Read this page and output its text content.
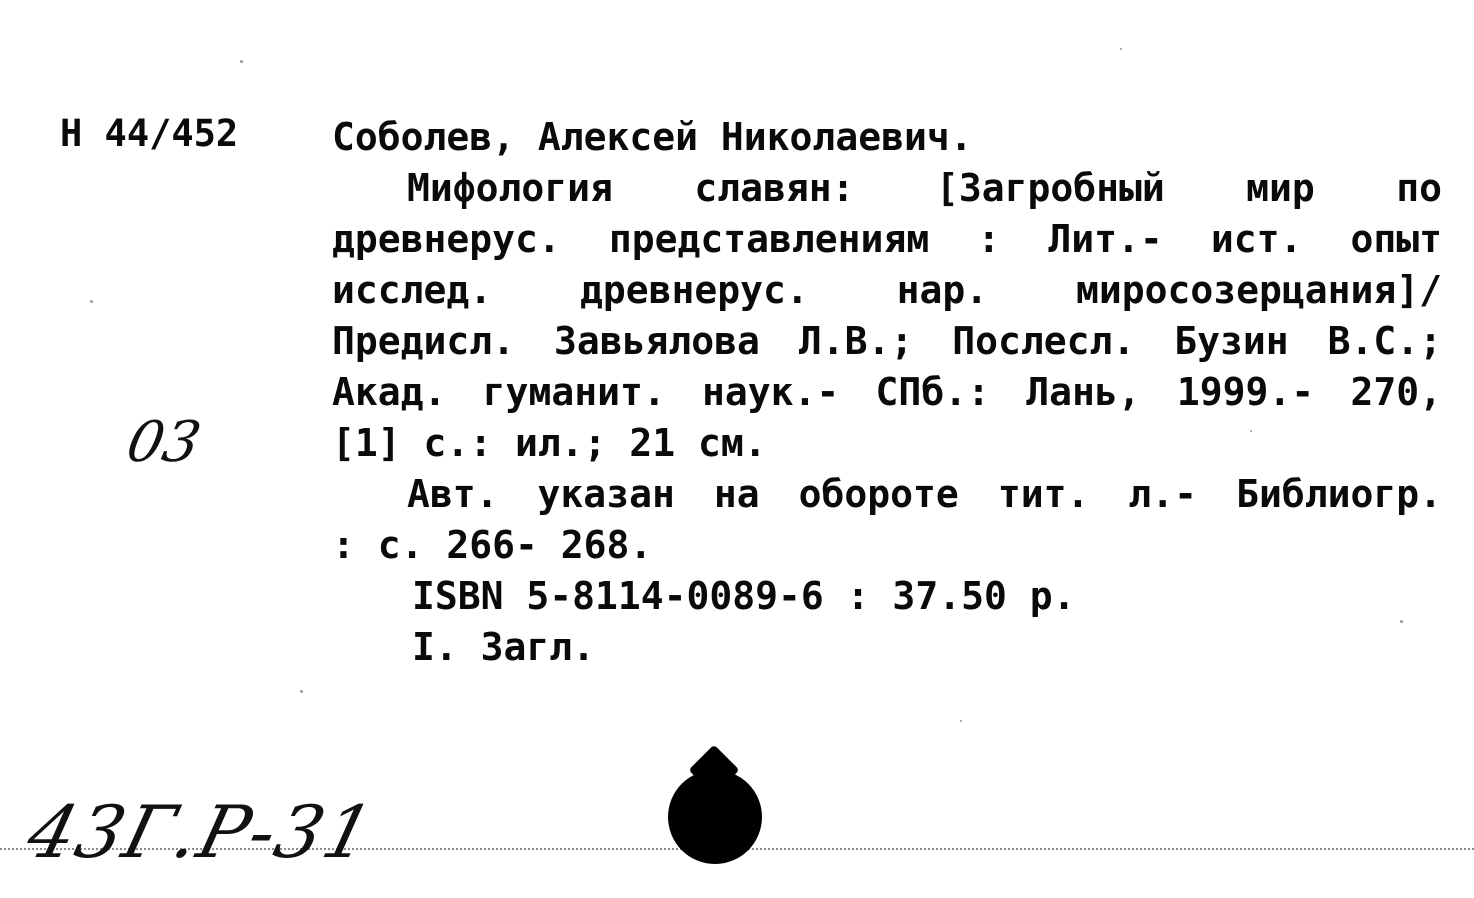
Н 44/452
03
Соболев, Алексей Николаевич.
Мифология славян: [Загробный мир по
древнерус. представлениям : Лит.- ист. опыт
исслед. древнерус. нар. миросозерцания]/
Предисл. Завьялова Л.В.; Послесл. Бузин В.С.;
Акад. гуманит. наук.- СПб.: Лань, 1999.- 270,
[1] с.: ил.; 21 см.
Авт. указан на обороте тит. л.- Библиогр.
: с. 266- 268.
ISBN 5-8114-0089-6 : 37.50 р.
I. Загл.
43Г.Р-31
